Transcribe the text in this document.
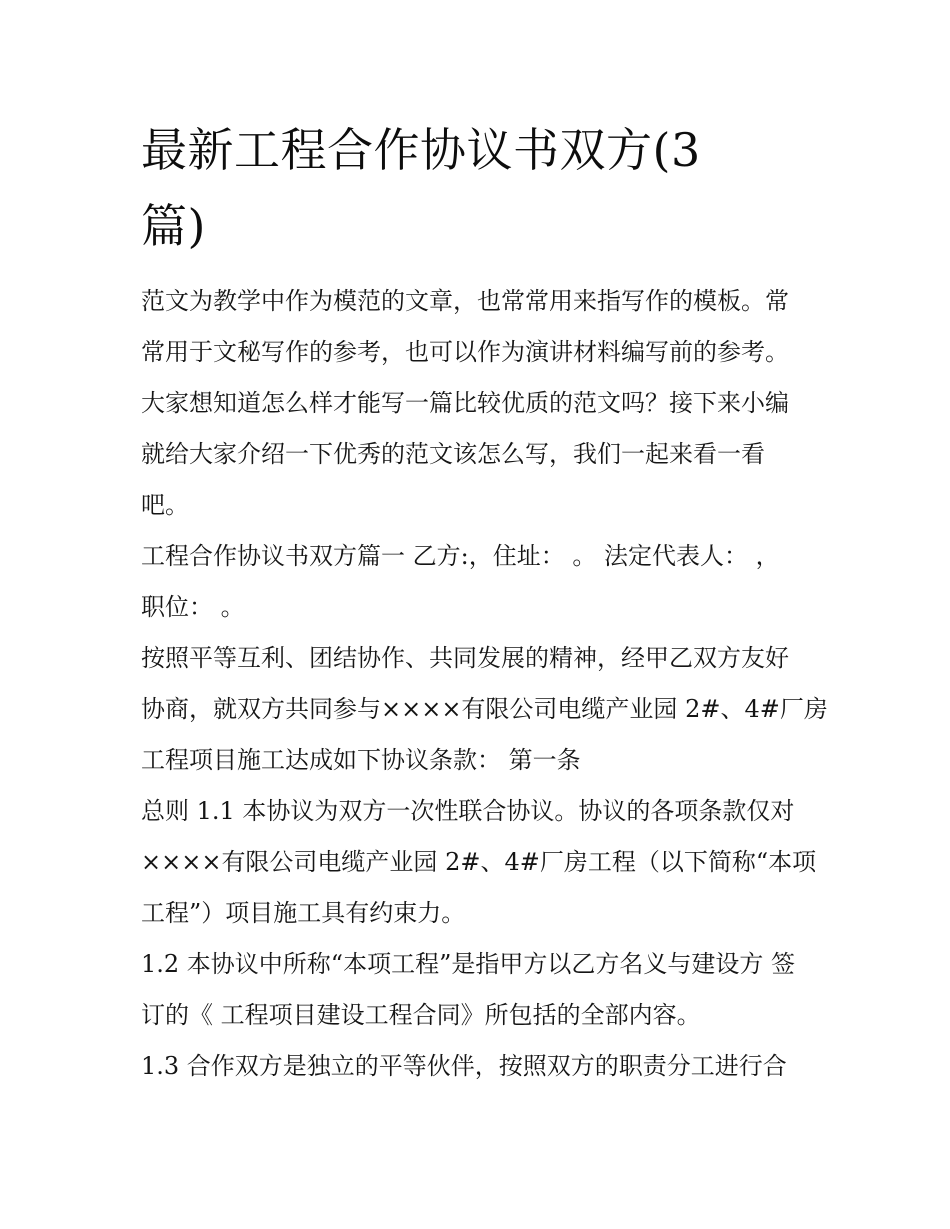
最新工程合作协议书双方(3
篇)

范文为教学中作为模范的文章，也常常用来指写作的模板。常
常用于文秘写作的参考，也可以作为演讲材料编写前的参考。
大家想知道怎么样才能写一篇比较优质的范文吗？接下来小编
就给大家介绍一下优秀的范文该怎么写，我们一起来看一看
吧。

工程合作协议书双方篇一 乙方:，住址： 。 法定代表人： ，
职位： 。

按照平等互利、团结协作、共同发展的精神，经甲乙双方友好
协商，就双方共同参与××××有限公司电缆产业园 2#、4#厂房
工程项目施工达成如下协议条款： 第一条

总则 1.1 本协议为双方一次性联合协议。协议的各项条款仅对
××××有限公司电缆产业园 2#、4#厂房工程（以下简称“本项
工程”）项目施工具有约束力。

1.2 本协议中所称“本项工程”是指甲方以乙方名义与建设方 签
订的《 工程项目建设工程合同》所包括的全部内容。

1.3 合作双方是独立的平等伙伴，按照双方的职责分工进行合
